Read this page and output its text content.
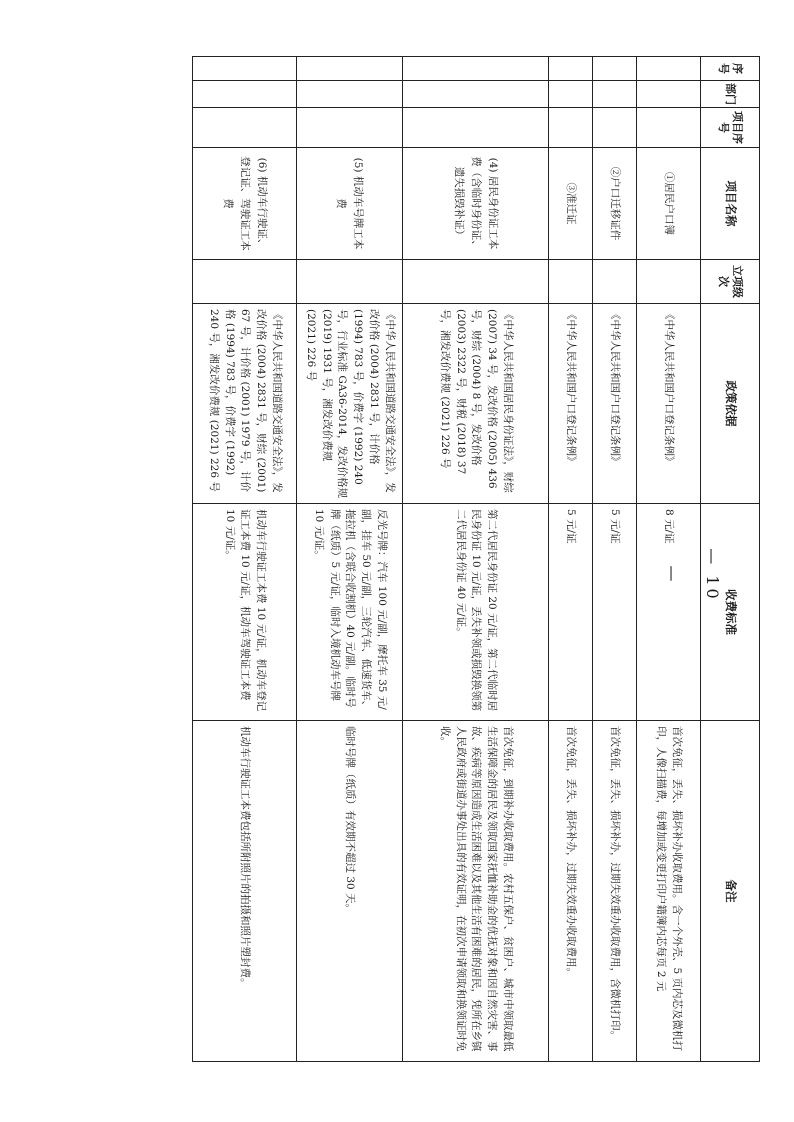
序号	部门	项目序号	项目名称	立项级次	政策依据	收费标准	备注
			①居民户口簿		《中华人民共和国户口登记条例》	8 元/证	首次免征，丢失、损坏补办收取费用。含一个外壳、5 页内芯及微机打印，人像扫描费，每增加或变更打印户籍簿内芯每页 2 元
			②户口迁移证件		《中华人民共和国户口登记条例》	5 元/证	首次免征，丢失、损坏补办，过期失效重办收取费用，含微机打印。
			③准迁证		《中华人民共和国户口登记条例》	5 元/证	首次免征，丢失、损坏补办，过期失效重办收取费用。
			(4) 居民身份证工本费（含临时身份证、遗失损毁补证）		《中华人民共和国居民身份证法》，财综 (2007) 34 号，发改价格 (2005) 436 号，财综 (2004) 8 号，发改价格 (2003) 2322 号，财税 (2018) 37 号，湘发改价费规 (2021) 226 号	第二代居民身份证 20 元/证，第二代临时居民身份证 10 元/证，丢失补领或损毁换领第二代居民身份证 40 元/证。	首次免征，到期补办收取费用。农村五保户、贫困户、城市中领取最低生活保障金的居民及领取国家抚恤补助金的优抚对象和因自然灾害、事故、疾病等原因造成生活困难以及其他生活有困难的居民，凭所在乡镇人民政府或街道办事处出具的有效证明，在初次申请领取和换领证时免收。
			(5) 机动车号牌工本费		《中华人民共和国道路交通安全法》，发改价格 (2004) 2831 号，计价格 (1994) 783 号，价费字 (1992) 240 号，行业标准 GA36-2014，发改价格规 (2019) 1931 号，湘发改价费规 (2021) 226 号	反光号牌：汽车 100 元/副，摩托车 35 元/副，挂车 50 元/副，三轮汽车、低速货车、拖拉机（含联合收割机）40 元/副。临时号牌（纸质）5 元/证，临时入境机动车号牌 10 元/证。	临时号牌（纸质）有效期不超过 30 天。
			(6) 机动车行驶证、登记证、驾驶证工本费		《中华人民共和国道路交通安全法》，发改价格 (2004) 2831 号，财综 (2001) 67 号，计价格 (2001) 1979 号，计价格 (1994) 783 号，价费字 (1992) 240 号，湘发改价费规 (2021) 226 号	机动车行驶证工本费 10 元/证，机动车登记证工本费 10 元/证，机动车驾驶证工本费 10 元/证。	机动车行驶证工本费包括所附照片的拍摄和照片塑封费。
— 10 —
